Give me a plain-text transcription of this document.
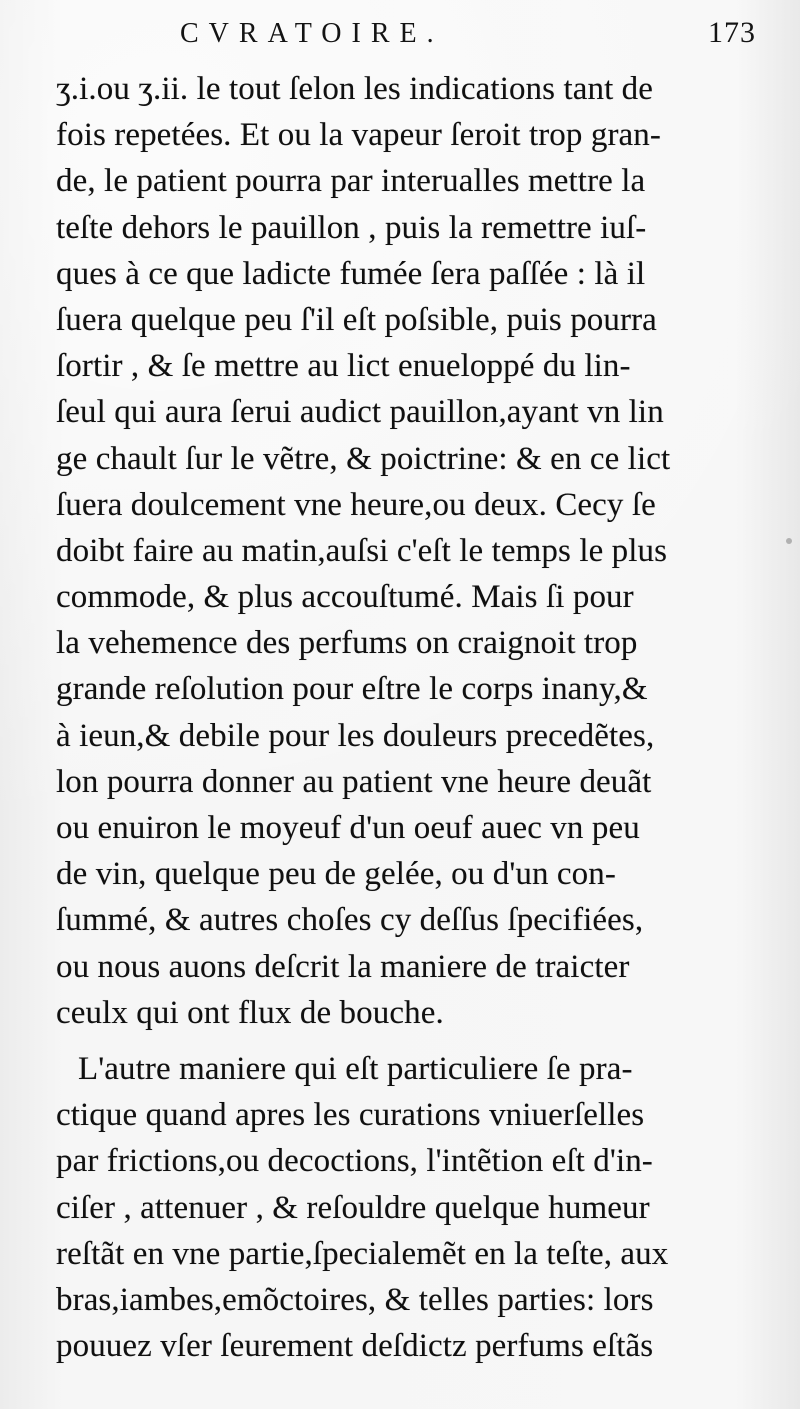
CVRATOIRE.	173
ʒ.i.ou ʒ.ii. le tout ſelon les indications tant de
fois repetées. Et ou la vapeur ſeroit trop gran-
de, le patient pourra par interualles mettre la
teſte dehors le pauillon , puis la remettre iuſ-
ques à ce que ladicte fumée ſera paſſée : là il
ſuera quelque peu ſ'il eſt poſsible, puis pourra
ſortir , & ſe mettre au lict enueloppé du lin-
ſeul qui aura ſerui audict pauillon,ayant vn lin
ge chault ſur le vẽtre, & poictrine: & en ce lict
ſuera doulcement vne heure,ou deux. Cecy ſe
doibt faire au matin,auſsi c'eſt le temps le plus
commode, & plus accouſtumé. Mais ſi pour
la vehemence des perfums on craignoit trop
grande reſolution pour eſtre le corps inany,&
à ieun,& debile pour les douleurs precedẽtes,
lon pourra donner au patient vne heure deuãt
ou enuiron le moyeuf d'un oeuf auec vn peu
de vin, quelque peu de gelée, ou d'un con-
ſummé, & autres choſes cy deſſus ſpecifiées,
ou nous auons deſcrit la maniere de traicter
ceulx qui ont flux de bouche.
L'autre maniere qui eſt particuliere ſe pra-
ctique quand apres les curations vniuerſelles
par frictions,ou decoctions, l'intẽtion eſt d'in-
ciſer , attenuer , & reſouldre quelque humeur
reſtãt en vne partie,ſpecialemẽt en la teſte, aux
bras,iambes,emõctoires, & telles parties: lors
pouuez vſer ſeurement deſdictz perfums eſtãs
